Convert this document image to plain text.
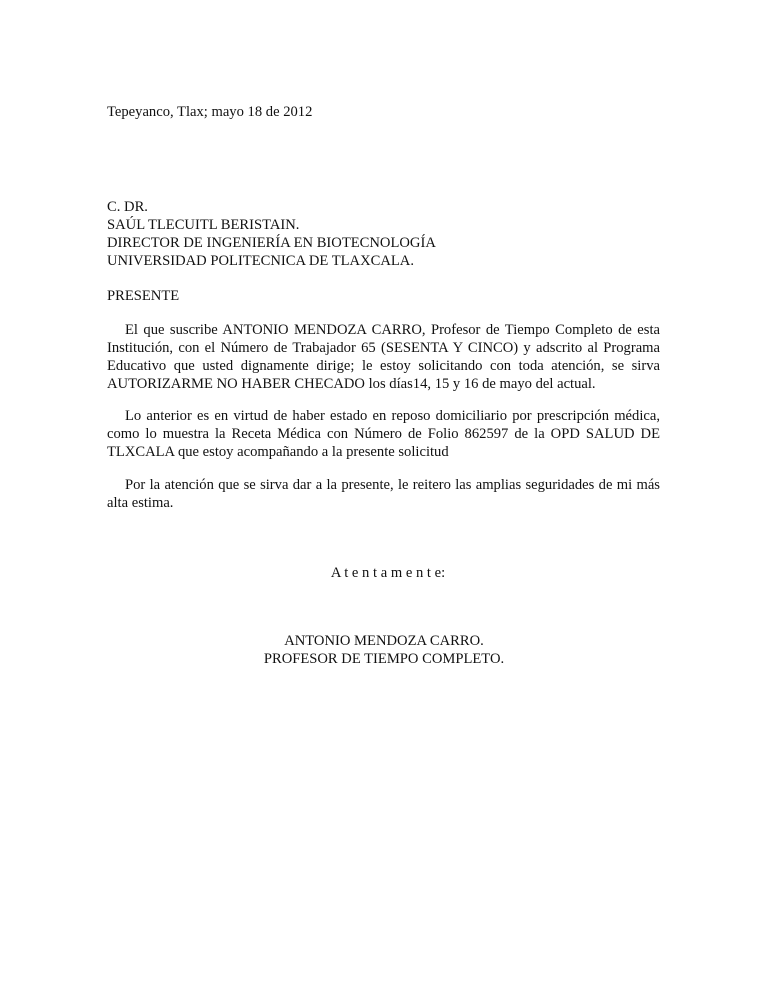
Tepeyanco, Tlax; mayo 18 de 2012
C. DR.
SAÚL TLECUITL BERISTAIN.
DIRECTOR DE INGENIERÍA EN BIOTECNOLOGÍA
UNIVERSIDAD POLITECNICA DE TLAXCALA.
PRESENTE
El que suscribe ANTONIO MENDOZA CARRO, Profesor de Tiempo Completo de esta Institución, con el Número de Trabajador 65 (SESENTA Y CINCO) y adscrito al Programa Educativo que usted dignamente dirige; le estoy solicitando con toda atención, se sirva AUTORIZARME NO HABER CHECADO los días14, 15 y 16 de mayo del actual.
Lo anterior es en virtud de haber estado en reposo domiciliario por prescripción médica, como lo muestra la Receta Médica con Número de Folio 862597 de la OPD SALUD DE TLXCALA que estoy acompañando a la presente solicitud
Por la atención que se sirva dar a la presente, le reitero las amplias seguridades de mi más alta estima.
A t e n t a m e n t e:
ANTONIO MENDOZA CARRO.
PROFESOR DE TIEMPO COMPLETO.
